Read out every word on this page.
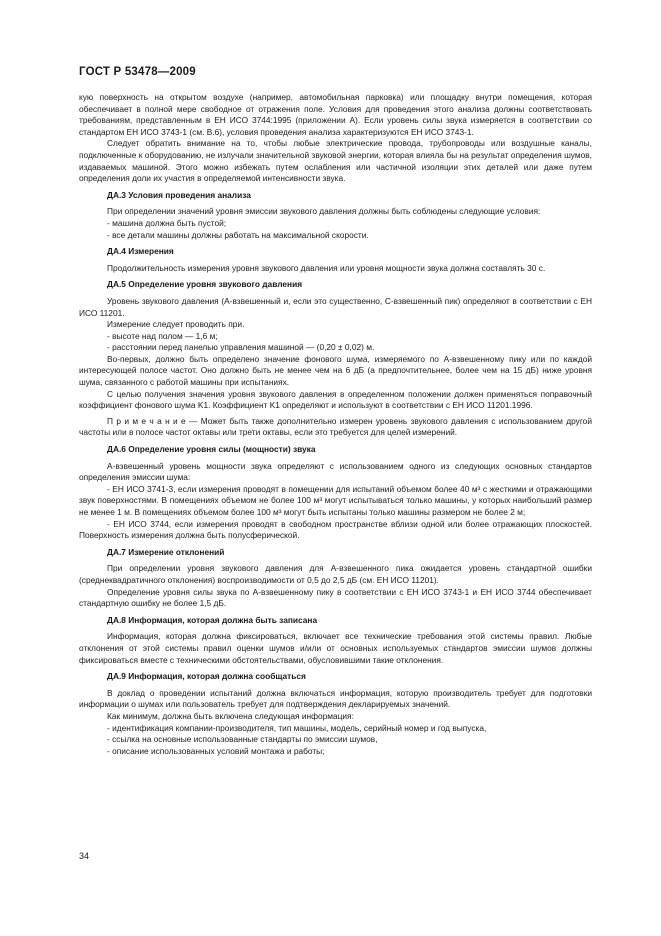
ГОСТ Р 53478—2009

кую поверхность на открытом воздухе (например, автомобильная парковка) или площадку внутри помещения, которая обеспечивает в полной мере свободное от отражения поле. Условия для проведения этого анализа должны соответствовать требованиям, представленным в ЕН ИСО 3744:1995 (приложении А). Если уровень силы звука измеряется в соответствии со стандартом ЕН ИСО 3743-1 (см. В.6), условия проведения анализа характеризуются ЕН ИСО 3743-1.

Следует обратить внимание на то, чтобы любые электрические провода, трубопроводы или воздушные каналы, подключенные к оборудованию, не излучали значительной звуковой энергии, которая влияла бы на результат определения шумов, издаваемых машиной. Этого можно избежать путем ослабления или частичной изоляции этих деталей или даже путем определения доли их участия в определяемой интенсивности звука.

ДА.3 Условия проведения анализа

При определении значений уровня эмиссии звукового давления должны быть соблюдены следующие условия:

- машина должна быть пустой;

- все детали машины должны работать на максимальной скорости.

ДА.4 Измерения

Продолжительность измерения уровня звукового давления или уровня мощности звука должна составлять 30 с.

ДА.5 Определение уровня звукового давления

Уровень звукового давления (А-взвешенный и, если это существенно, С-взвешенный пик) определяют в соответствии с ЕН ИСО 11201.

Измерение следует проводить при.

- высоте над полом — 1,6 м;

- расстоянии перед панелью управления машиной — (0,20 ± 0,02) м.

Во-первых, должно быть определено значение фонового шума, измеряемого по А-взвешенному пику или по каждой интересующей полосе частот. Оно должно быть не менее чем на 6 дБ (а предпочтительнее, более чем на 15 дБ) ниже уровня шума, связанного с работой машины при испытаниях.

С целью получения значения уровня звукового давления в определенном положении должен применяться поправочный коэффициент фонового шума K1. Коэффициент K1 определяют и используют в соответствии с ЕН ИСО 11201.1996.

П р и м е ч а н и е — Может быть также дополнительно измерен уровень звукового давления с использованием другой частоты или в полосе частот октавы или трети октавы, если это требуется для целей измерений.

ДА.6 Определение уровня силы (мощности) звука

А-взвешенный уровень мощности звука определяют с использованием одного из следующих основных стандартов определения эмиссии шума:

- ЕН ИСО 3741-3, если измерения проводят в помещении для испытаний объемом более 40 м³ с жесткими и отражающими звук поверхностями. В помещениях объемом не более 100 м³ могут испытываться только машины, у которых наибольший размер не менее 1 м. В помещениях объемом более 100 м³ могут быть испытаны только машины размером не более 2 м;

- ЕН ИСО 3744, если измерения проводят в свободном пространстве вблизи одной или более отражающих плоскостей. Поверхность измерения должна быть полусферической.

ДА.7 Измерение отклонений

При определении уровня звукового давления для А-взвешенного пика ожидается уровень стандартной ошибки (среднеквадратичного отклонения) воспроизводимости от 0,5 до 2,5 дБ (см. ЕН ИСО 11201).

Определение уровня силы звука по А-взвешенному пику в соответствии с ЕН ИСО 3743-1 и ЕН ИСО 3744 обеспечивает стандартную ошибку не более 1,5 дБ.

ДА.8 Информация, которая должна быть записана

Информация, которая должна фиксироваться, включает все технические требования этой системы правил. Любые отклонения от этой системы правил оценки шумов и/или от основных используемых стандартов эмиссии шумов должны фиксироваться вместе с техническими обстоятельствами, обусловившими такие отклонения.

ДА.9 Информация, которая должна сообщаться

В доклад о проведении испытаний должна включаться информация, которую производитель требует для подготовки информации о шумах или пользователь требует для подтверждения декларируемых значений.

Как минимум, должна быть включена следующая информация:

- идентификация компании-производителя, тип машины, модель, серийный номер и год выпуска,

- ссылка на основные использованные стандарты по эмиссии шумов,

- описание использованных условий монтажа и работы;

34
